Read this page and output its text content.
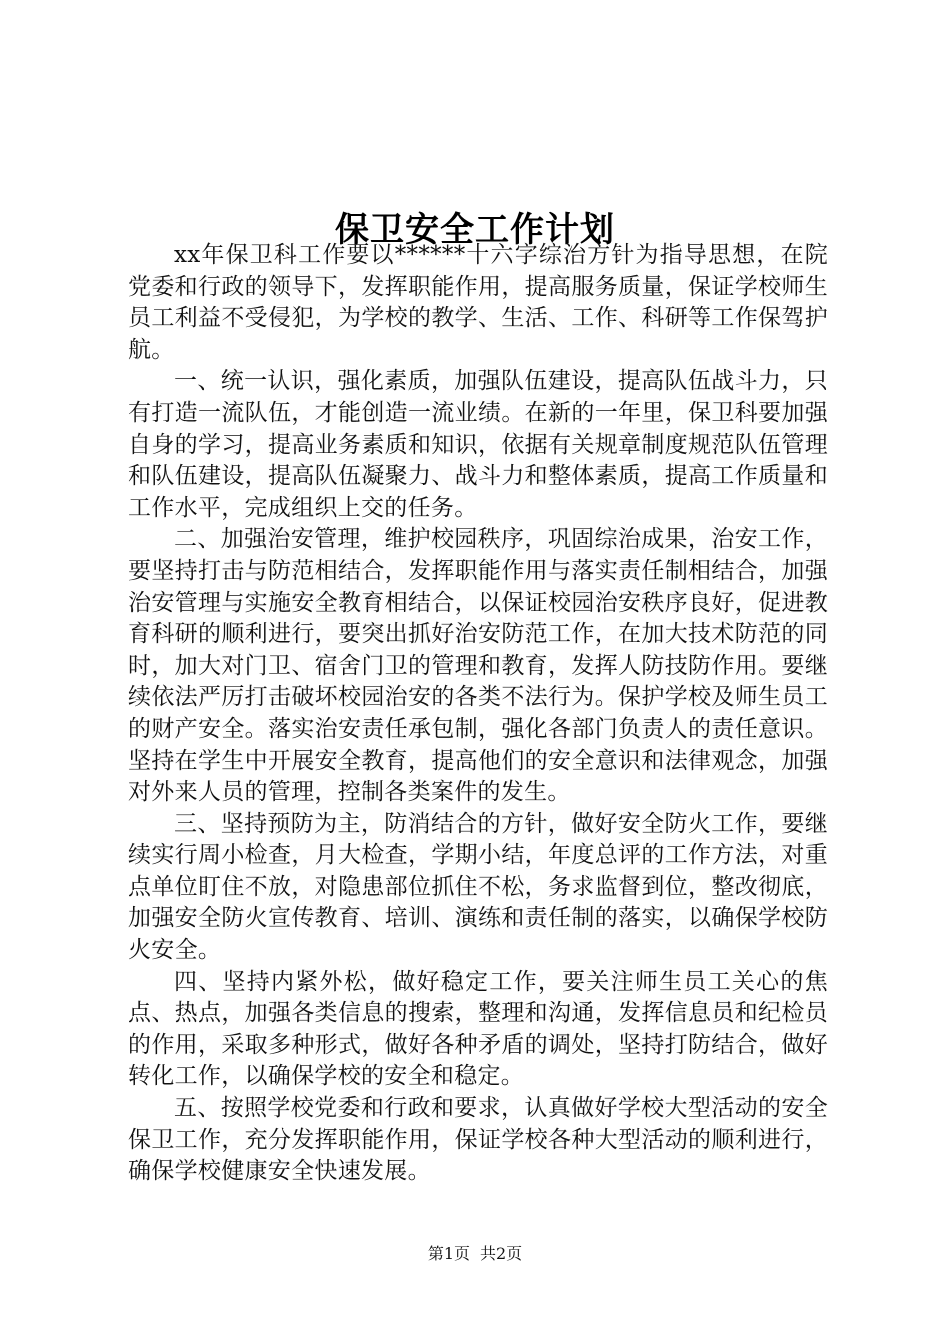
保卫安全工作计划

xx年保卫科工作要以******十六字综治方针为指导思想，在院党委和行政的领导下，发挥职能作用，提高服务质量，保证学校师生员工利益不受侵犯，为学校的教学、生活、工作、科研等工作保驾护航。

一、统一认识，强化素质，加强队伍建设，提高队伍战斗力，只有打造一流队伍，才能创造一流业绩。在新的一年里，保卫科要加强自身的学习，提高业务素质和知识，依据有关规章制度规范队伍管理和队伍建设，提高队伍凝聚力、战斗力和整体素质，提高工作质量和工作水平，完成组织上交的任务。

二、加强治安管理，维护校园秩序，巩固综治成果，治安工作，要坚持打击与防范相结合，发挥职能作用与落实责任制相结合，加强治安管理与实施安全教育相结合，以保证校园治安秩序良好，促进教育科研的顺利进行，要突出抓好治安防范工作，在加大技术防范的同时，加大对门卫、宿舍门卫的管理和教育，发挥人防技防作用。要继续依法严厉打击破坏校园治安的各类不法行为。保护学校及师生员工的财产安全。落实治安责任承包制，强化各部门负责人的责任意识。坚持在学生中开展安全教育，提高他们的安全意识和法律观念，加强对外来人员的管理，控制各类案件的发生。

三、坚持预防为主，防消结合的方针，做好安全防火工作，要继续实行周小检查，月大检查，学期小结，年度总评的工作方法，对重点单位盯住不放，对隐患部位抓住不松，务求监督到位，整改彻底，加强安全防火宣传教育、培训、演练和责任制的落实，以确保学校防火安全。

四、坚持内紧外松，做好稳定工作，要关注师生员工关心的焦点、热点，加强各类信息的搜索，整理和沟通，发挥信息员和纪检员的作用，采取多种形式，做好各种矛盾的调处，坚持打防结合，做好转化工作，以确保学校的安全和稳定。

五、按照学校党委和行政和要求，认真做好学校大型活动的安全保卫工作，充分发挥职能作用，保证学校各种大型活动的顺利进行，确保学校健康安全快速发展。

第1页 共2页
